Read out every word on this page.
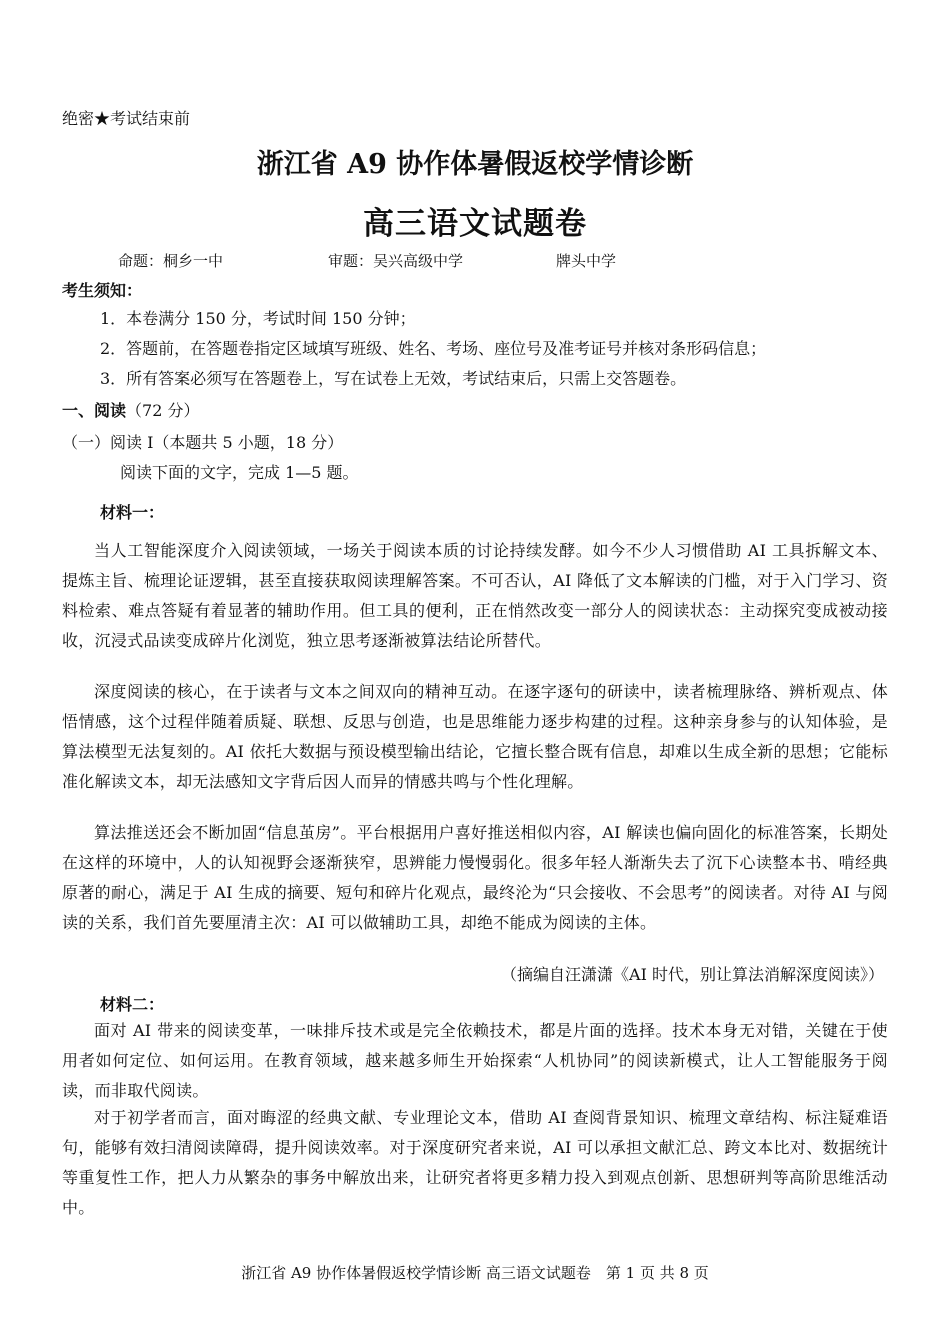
绝密★考试结束前
浙江省 A9 协作体暑假返校学情诊断
高三语文试题卷
命题：桐乡一中	审题：吴兴高级中学	牌头中学
考生须知：
1．本卷满分 150 分，考试时间 150 分钟；
2．答题前，在答题卷指定区域填写班级、姓名、考场、座位号及准考证号并核对条形码信息；
3．所有答案必须写在答题卷上，写在试卷上无效，考试结束后，只需上交答题卷。
一、阅读（72 分）
（一）阅读 I（本题共 5 小题，18 分）
阅读下面的文字，完成 1—5 题。
材料一：
当人工智能深度介入阅读领域，一场关于阅读本质的讨论持续发酵。如今不少人习惯借助 AI 工具拆解文本、提炼主旨、梳理论证逻辑，甚至直接获取阅读理解答案。不可否认，AI 降低了文本解读的门槛，对于入门学习、资料检索、难点答疑有着显著的辅助作用。但工具的便利，正在悄然改变一部分人的阅读状态：主动探究变成被动接收，沉浸式品读变成碎片化浏览，独立思考逐渐被算法结论所替代。
深度阅读的核心，在于读者与文本之间双向的精神互动。在逐字逐句的研读中，读者梳理脉络、辨析观点、体悟情感，这个过程伴随着质疑、联想、反思与创造，也是思维能力逐步构建的过程。这种亲身参与的认知体验，是算法模型无法复刻的。AI 依托大数据与预设模型输出结论，它擅长整合既有信息，却难以生成全新的思想；它能标准化解读文本，却无法感知文字背后因人而异的情感共鸣与个性化理解。
算法推送还会不断加固“信息茧房”。平台根据用户喜好推送相似内容，AI 解读也偏向固化的标准答案，长期处在这样的环境中，人的认知视野会逐渐狭窄，思辨能力慢慢弱化。很多年轻人渐渐失去了沉下心读整本书、啃经典原著的耐心，满足于 AI 生成的摘要、短句和碎片化观点，最终沦为“只会接收、不会思考”的阅读者。对待 AI 与阅读的关系，我们首先要厘清主次：AI 可以做辅助工具，却绝不能成为阅读的主体。
（摘编自汪潇潇《AI 时代，别让算法消解深度阅读》）
材料二：
面对 AI 带来的阅读变革，一味排斥技术或是完全依赖技术，都是片面的选择。技术本身无对错，关键在于使用者如何定位、如何运用。在教育领域，越来越多师生开始探索“人机协同”的阅读新模式，让人工智能服务于阅读，而非取代阅读。
对于初学者而言，面对晦涩的经典文献、专业理论文本，借助 AI 查阅背景知识、梳理文章结构、标注疑难语句，能够有效扫清阅读障碍，提升阅读效率。对于深度研究者来说，AI 可以承担文献汇总、跨文本比对、数据统计等重复性工作，把人力从繁杂的事务中解放出来，让研究者将更多精力投入到观点创新、思想研判等高阶思维活动中。
浙江省 A9 协作体暑假返校学情诊断 高三语文试题卷　第 1 页 共 8 页
